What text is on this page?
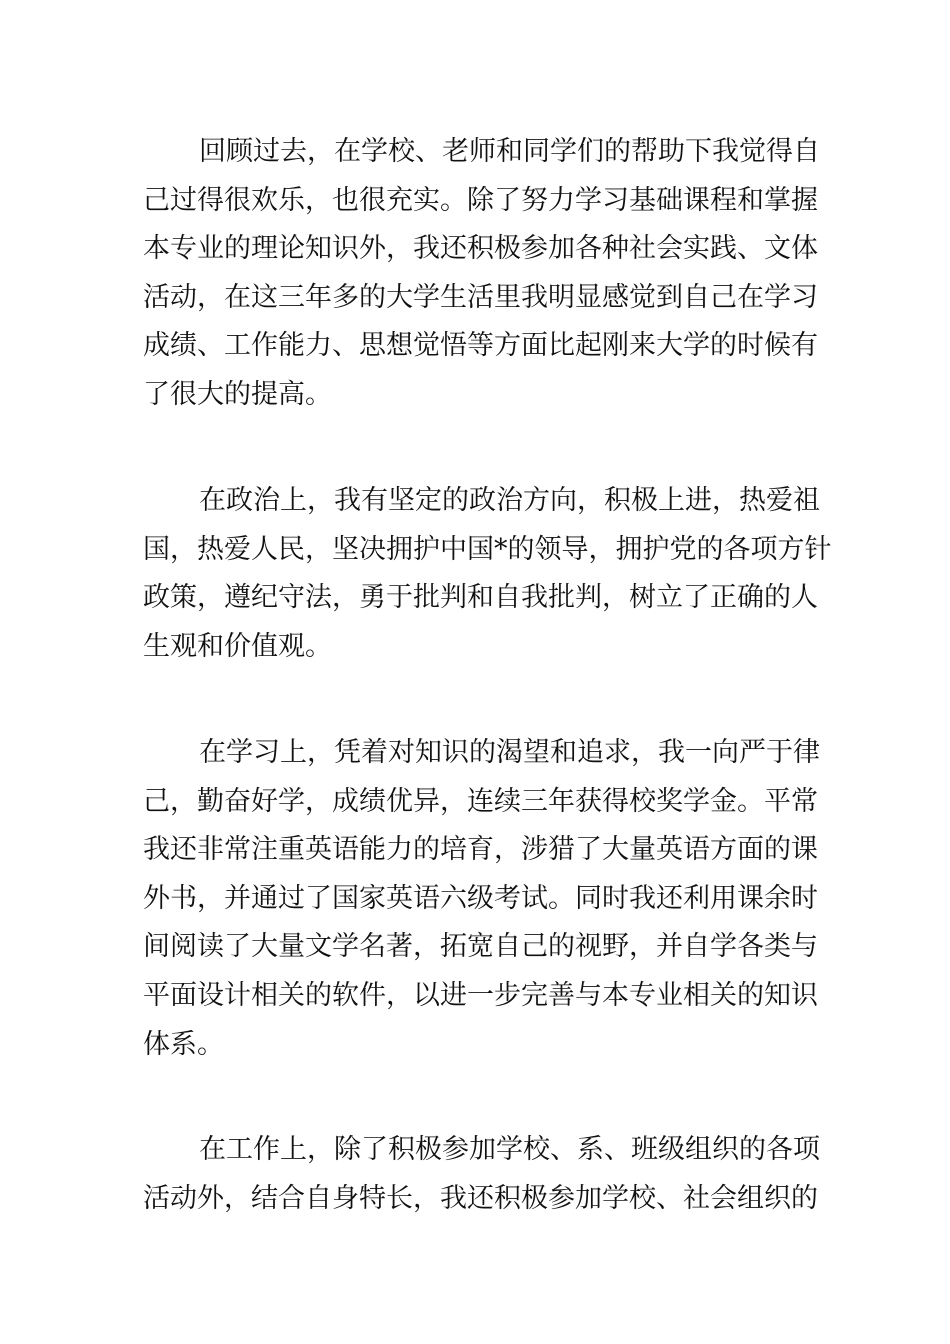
回顾过去，在学校、老师和同学们的帮助下我觉得自
己过得很欢乐，也很充实。除了努力学习基础课程和掌握
本专业的理论知识外，我还积极参加各种社会实践、文体
活动，在这三年多的大学生活里我明显感觉到自己在学习
成绩、工作能力、思想觉悟等方面比起刚来大学的时候有
了很大的提高。
在政治上，我有坚定的政治方向，积极上进，热爱祖
国，热爱人民，坚决拥护中国*的领导，拥护党的各项方针
政策，遵纪守法，勇于批判和自我批判，树立了正确的人
生观和价值观。
在学习上，凭着对知识的渴望和追求，我一向严于律
己，勤奋好学，成绩优异，连续三年获得校奖学金。平常
我还非常注重英语能力的培育，涉猎了大量英语方面的课
外书，并通过了国家英语六级考试。同时我还利用课余时
间阅读了大量文学名著，拓宽自己的视野，并自学各类与
平面设计相关的软件，以进一步完善与本专业相关的知识
体系。
在工作上，除了积极参加学校、系、班级组织的各项
活动外，结合自身特长，我还积极参加学校、社会组织的
